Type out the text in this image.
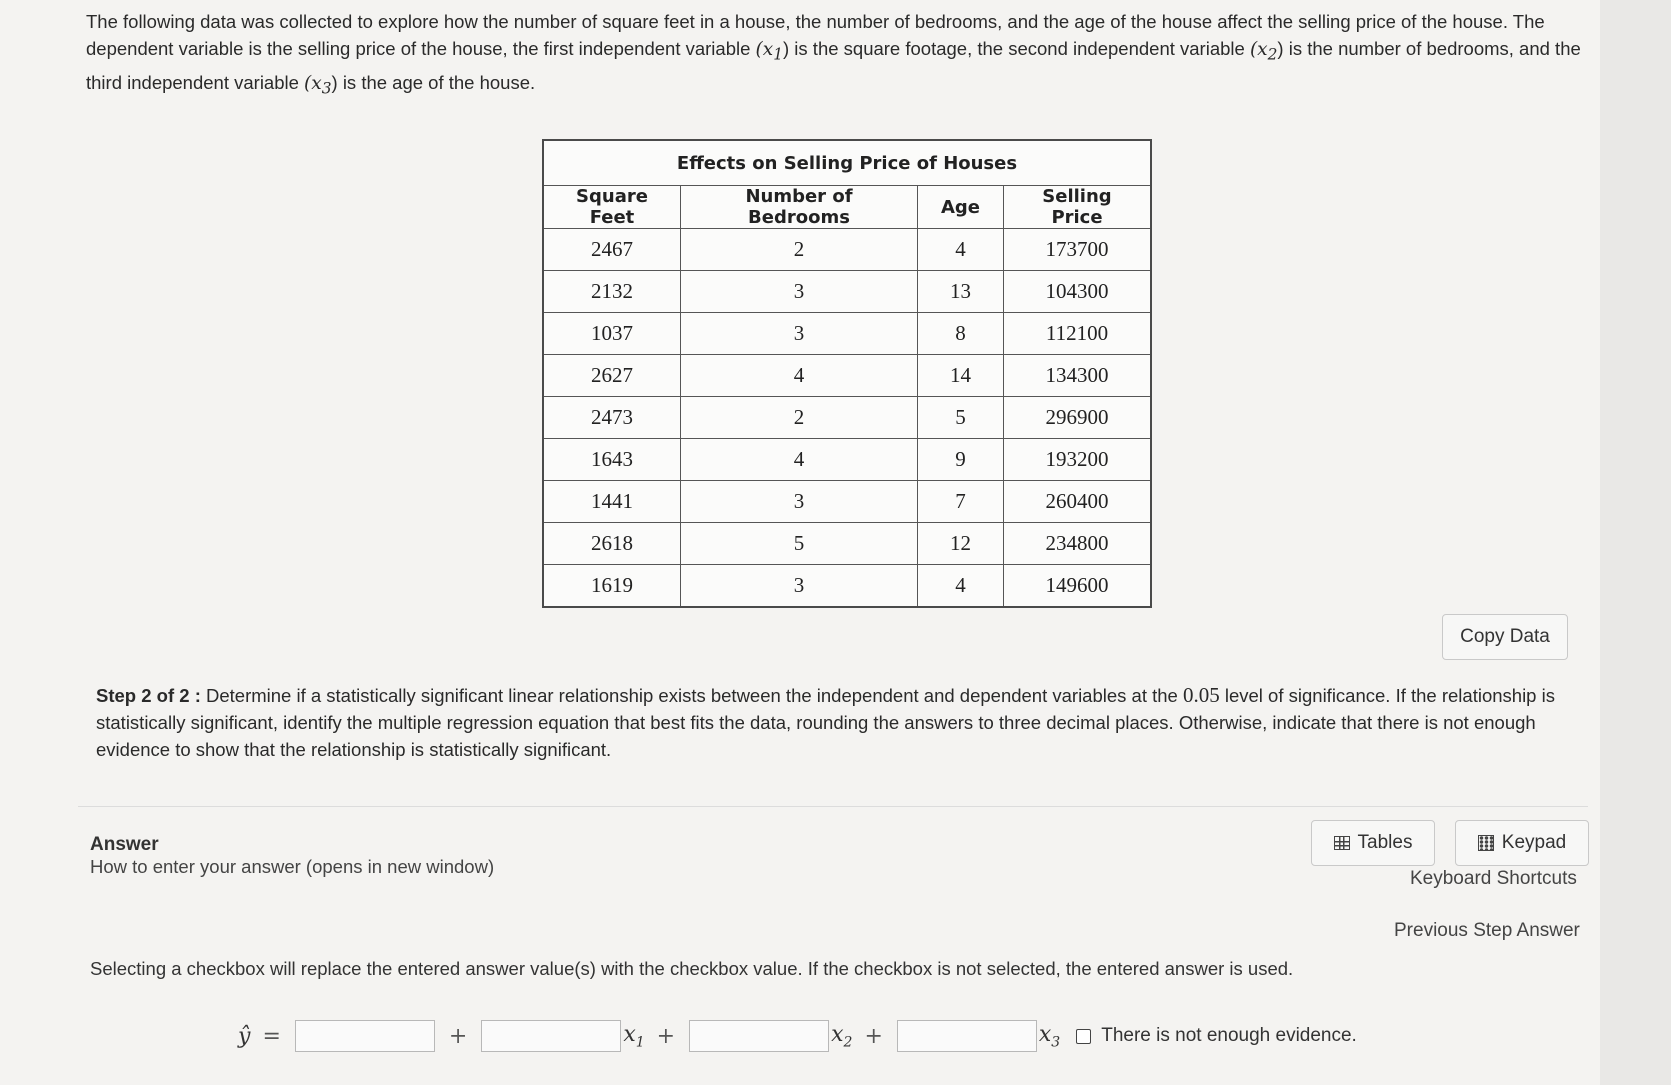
The following data was collected to explore how the number of square feet in a house, the number of bedrooms, and the age of the house affect the selling price of the house. The dependent variable is the selling price of the house, the first independent variable $(x_1)$ is the square footage, the second independent variable $(x_2)$ is the number of bedrooms, and the third independent variable $(x_3)$ is the age of the house.
Effects on Selling Price of Houses			
Square Feet	Number of Bedrooms	Age	Selling Price
2467	2	4	173700
2132	3	13	104300
1037	3	8	112100
2627	4	14	134300
2473	2	5	296900
1643	4	9	193200
1441	3	7	260400
2618	5	12	234800
1619	3	4	149600
Copy Data
Step 2 of 2 : Determine if a statistically significant linear relationship exists between the independent and dependent variables at the 0.05 level of significance. If the relationship is statistically significant, identify the multiple regression equation that best fits the data, rounding the answers to three decimal places. Otherwise, indicate that there is not enough evidence to show that the relationship is statistically significant.
Answer
How to enter your answer (opens in new window)
Tables	Keypad
Keyboard Shortcuts
Previous Step Answer
Selecting a checkbox will replace the entered answer value(s) with the checkbox value. If the checkbox is not selected, the entered answer is used.
ŷ =	+	$x_1$ +	$x_2$ +	$x_3$ There is not enough evidence.
